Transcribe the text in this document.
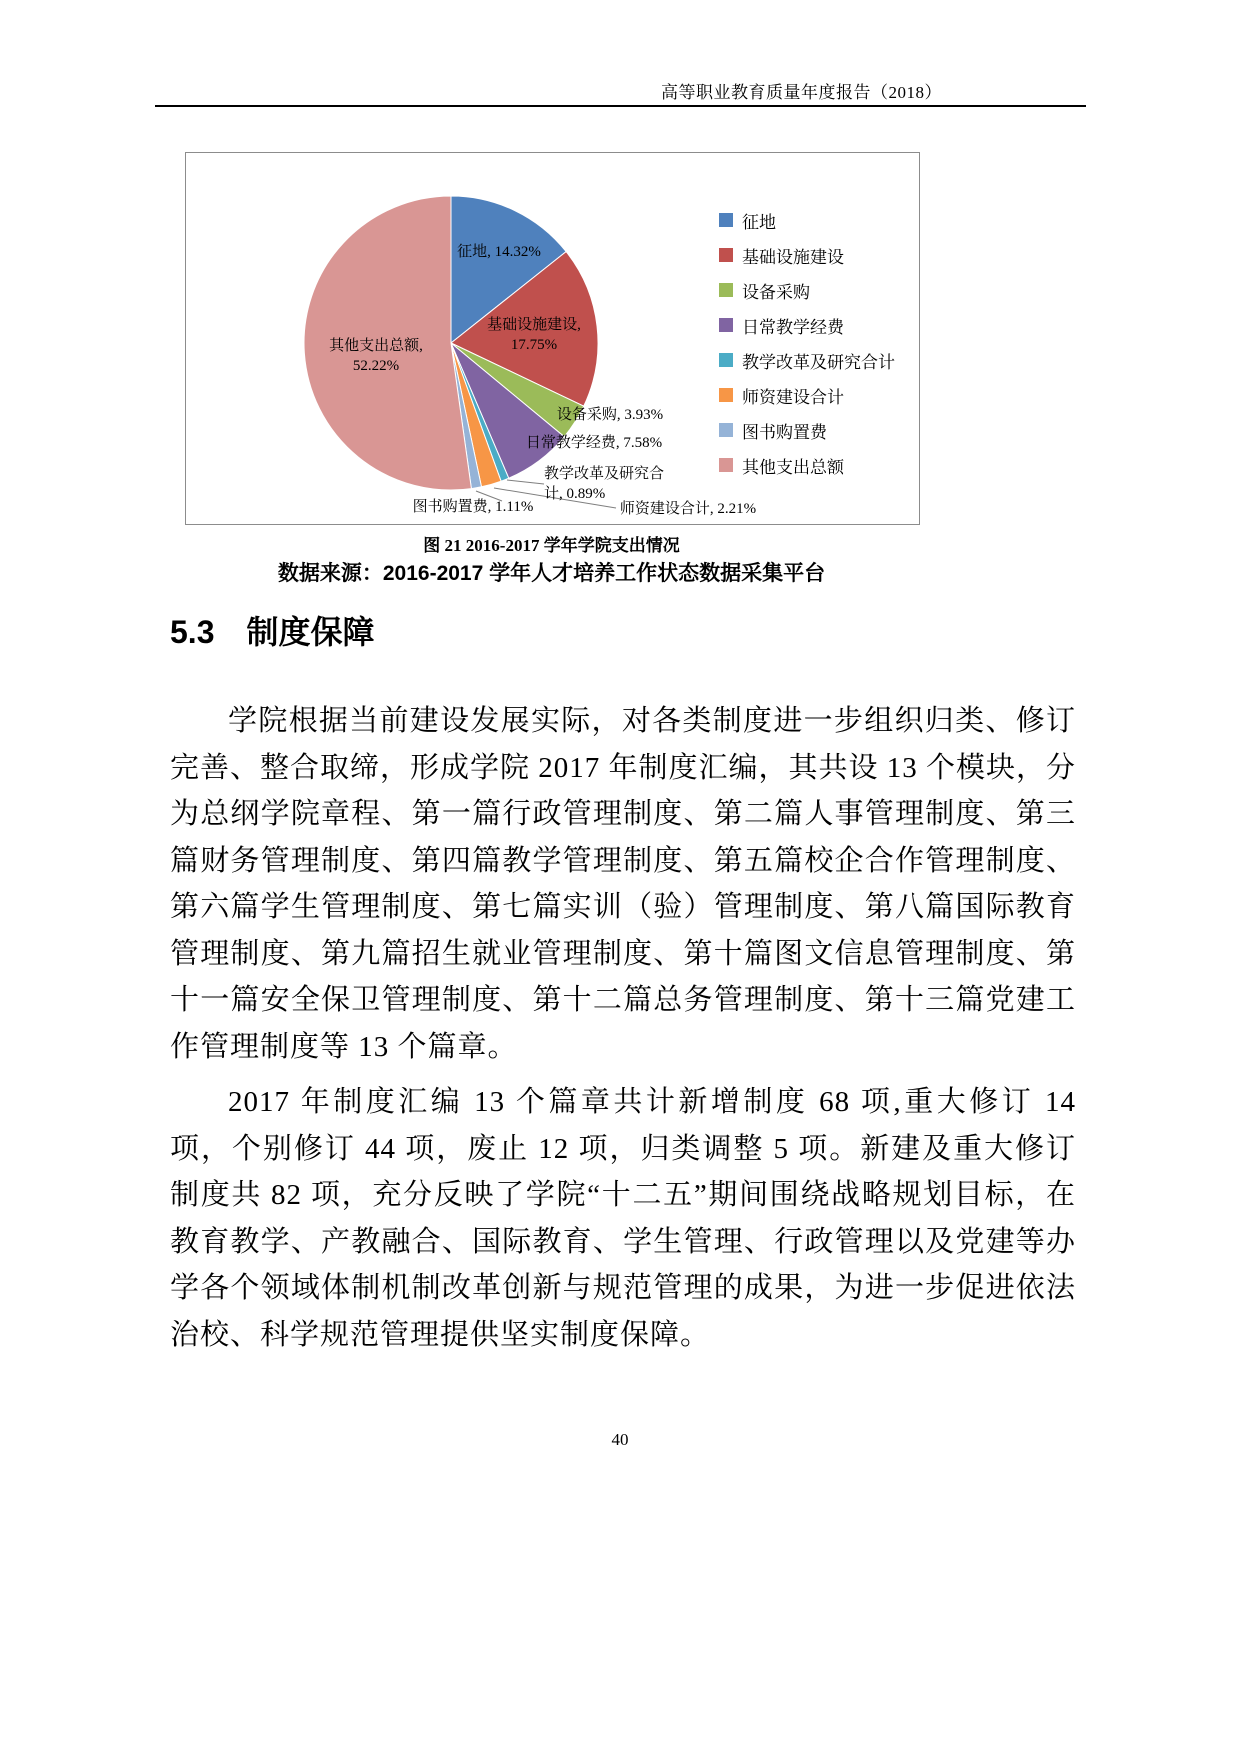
高等职业教育质量年度报告（2018）
征地, 14.32%
基础设施建设, 17.75%
设备采购, 3.93%
日常教学经费, 7.58%
教学改革及研究合计, 0.89%
师资建设合计, 2.21%
图书购置费, 1.11%
其他支出总额, 52.22%
征地
基础设施建设
设备采购
日常教学经费
教学改革及研究合计
师资建设合计
图书购置费
其他支出总额
图 21 2016-2017 学年学院支出情况
数据来源：2016-2017 学年人才培养工作状态数据采集平台
5.3 制度保障

学院根据当前建设发展实际，对各类制度进一步组织归类、修订完善、整合取缔，形成学院 2017 年制度汇编，其共设 13 个模块，分为总纲学院章程、第一篇行政管理制度、第二篇人事管理制度、第三篇财务管理制度、第四篇教学管理制度、第五篇校企合作管理制度、第六篇学生管理制度、第七篇实训（验）管理制度、第八篇国际教育管理制度、第九篇招生就业管理制度、第十篇图文信息管理制度、第十一篇安全保卫管理制度、第十二篇总务管理制度、第十三篇党建工作管理制度等 13 个篇章。

2017 年制度汇编 13 个篇章共计新增制度 68 项,重大修订 14 项，个别修订 44 项，废止 12 项，归类调整 5 项。新建及重大修订制度共 82 项，充分反映了学院“十二五”期间围绕战略规划目标，在教育教学、产教融合、国际教育、学生管理、行政管理以及党建等办学各个领域体制机制改革创新与规范管理的成果，为进一步促进依法治校、科学规范管理提供坚实制度保障。

40
